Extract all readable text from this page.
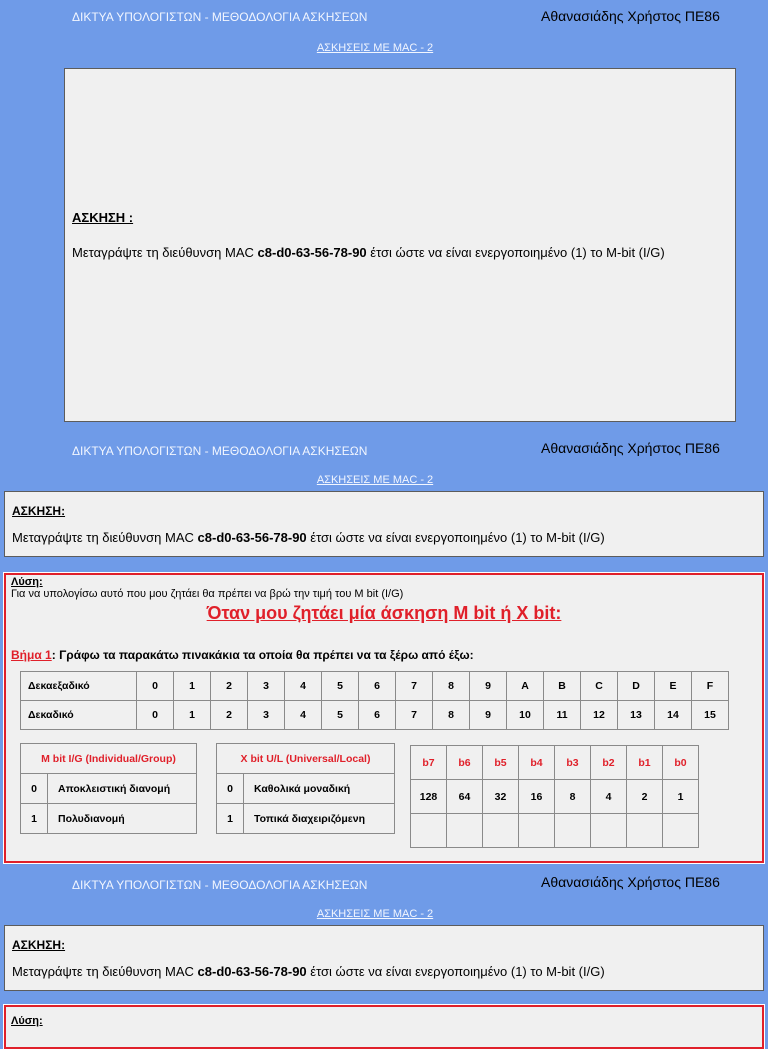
ΔΙΚΤΥΑ ΥΠΟΛΟΓΙΣΤΩΝ - ΜΕΘΟΔΟΛΟΓΙΑ ΑΣΚΗΣΕΩΝ	Αθανασιάδης Χρήστος ΠΕ86
ΑΣΚΗΣΕΙΣ ΜΕ MAC - 2
ΑΣΚΗΣΗ :
Μεταγράψτε τη διεύθυνση MAC c8-d0-63-56-78-90 έτσι ώστε να είναι ενεργοποιημένο (1) το M-bit (I/G)
ΔΙΚΤΥΑ ΥΠΟΛΟΓΙΣΤΩΝ - ΜΕΘΟΔΟΛΟΓΙΑ ΑΣΚΗΣΕΩΝ	Αθανασιάδης Χρήστος ΠΕ86
ΑΣΚΗΣΕΙΣ ΜΕ MAC - 2
ΑΣΚΗΣΗ:
Μεταγράψτε τη διεύθυνση MAC c8-d0-63-56-78-90 έτσι ώστε να είναι ενεργοποιημένο (1) το M-bit (I/G)
Λύση:
Για να υπολογίσω αυτό που μου ζητάει θα πρέπει να βρώ την τιμή του M bit (I/G)
Όταν μου ζητάει μία άσκηση M bit ή X bit:
Βήμα 1: Γράφω τα παρακάτω πινακάκια τα οποία θα πρέπει να τα ξέρω από έξω:
Δεκαεξαδικό	0	1	2	3	4	5	6	7	8	9	A	B	C	D	E	F
Δεκαδικό	0	1	2	3	4	5	6	7	8	9	10	11	12	13	14	15
M bit I/G (Individual/Group)	
0	Αποκλειστική διανομή
1	Πολυδιανομή
X bit U/L (Universal/Local)	
0	Καθολικά μοναδική
1	Τοπικά διαχειριζόμενη
b7	b6	b5	b4	b3	b2	b1	b0
128	64	32	16	8	4	2	1

ΔΙΚΤΥΑ ΥΠΟΛΟΓΙΣΤΩΝ - ΜΕΘΟΔΟΛΟΓΙΑ ΑΣΚΗΣΕΩΝ	Αθανασιάδης Χρήστος ΠΕ86
ΑΣΚΗΣΕΙΣ ΜΕ MAC - 2
ΑΣΚΗΣΗ:
Μεταγράψτε τη διεύθυνση MAC c8-d0-63-56-78-90 έτσι ώστε να είναι ενεργοποιημένο (1) το M-bit (I/G)
Λύση:
